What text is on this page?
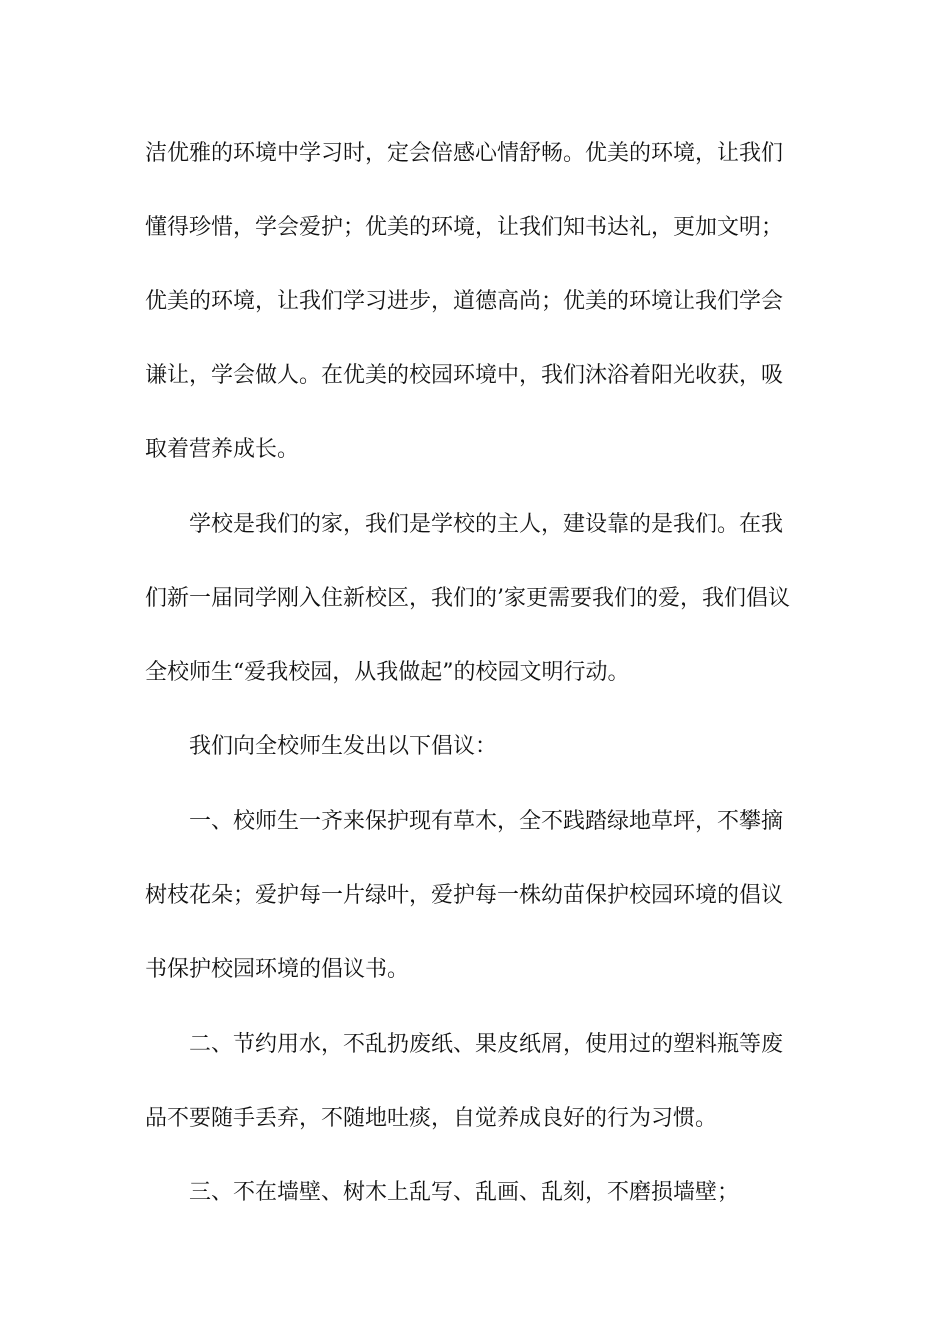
洁优雅的环境中学习时，定会倍感心情舒畅。优美的环境，让我们
懂得珍惜，学会爱护；优美的环境，让我们知书达礼，更加文明；
优美的环境，让我们学习进步，道德高尚；优美的环境让我们学会
谦让，学会做人。在优美的校园环境中，我们沐浴着阳光收获，吸
取着营养成长。
学校是我们的家，我们是学校的主人，建设靠的是我们。在我
们新一届同学刚入住新校区，我们的’家更需要我们的爱，我们倡议
全校师生“爱我校园，从我做起”的校园文明行动。
我们向全校师生发出以下倡议：
一、校师生一齐来保护现有草木，全不践踏绿地草坪，不攀摘
树枝花朵；爱护每一片绿叶，爱护每一株幼苗保护校园环境的倡议
书保护校园环境的倡议书。
二、节约用水，不乱扔废纸、果皮纸屑，使用过的塑料瓶等废
品不要随手丢弃，不随地吐痰，自觉养成良好的行为习惯。
三、不在墙壁、树木上乱写、乱画、乱刻，不磨损墙壁；
